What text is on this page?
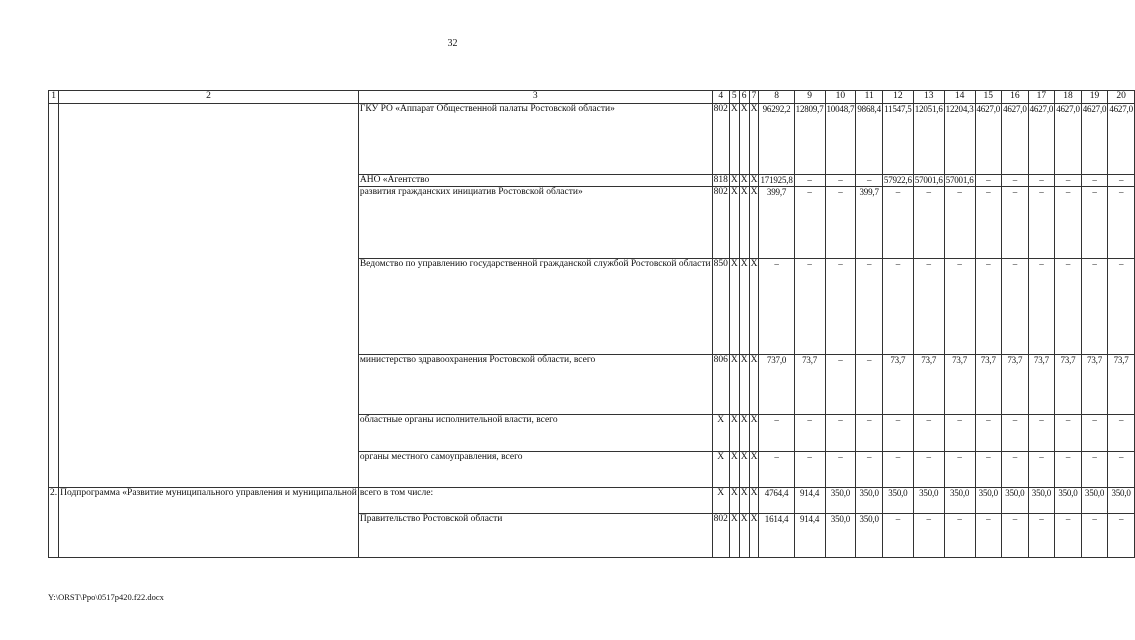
32
1	2	3	4	5	6	7	8	9	10	11	12	13	14	15	16	17	18	19	20
		ГКУ РО «Аппарат Общественной палаты Ростовской области»	802	Х	Х	Х	96292,2	12809,7	10048,7	9868,4	11547,5	12051,6	12204,3	4627,0	4627,0	4627,0	4627,0	4627,0	4627,0
		АНО «Агентство	818	Х	Х	Х	171925,8	–	–	–	57922,6	57001,6	57001,6	–	–	–	–	–	–
		развития гражданских инициатив Ростовской области»	802	Х	Х	Х	399,7	–	–	399,7	–	–	–	–	–	–	–	–	–
		Ведомство по управлению государственной гражданской службой Ростовской области	850	Х	Х	Х	–	–	–	–	–	–	–	–	–	–	–	–	–
		министерство здравоохранения Ростовской области, всего	806	Х	Х	Х	737,0	73,7	–	–	73,7	73,7	73,7	73,7	73,7	73,7	73,7	73,7	73,7
		областные органы исполнительной власти, всего	Х	Х	Х	Х	–	–	–	–	–	–	–	–	–	–	–	–	–
		органы местного самоуправления, всего	Х	Х	Х	Х	–	–	–	–	–	–	–	–	–	–	–	–	–
2.	Подпрограмма «Развитие муниципального управления и муниципальной	всего в том числе:	Х	Х	Х	Х	4764,4	914,4	350,0	350,0	350,0	350,0	350,0	350,0	350,0	350,0	350,0	350,0	350,0
		Правительство Ростовской области	802	Х	Х	Х	1614,4	914,4	350,0	350,0	–	–	–	–	–	–	–	–	–
Y:\ORST\Ppo\0517p420.f22.docx
